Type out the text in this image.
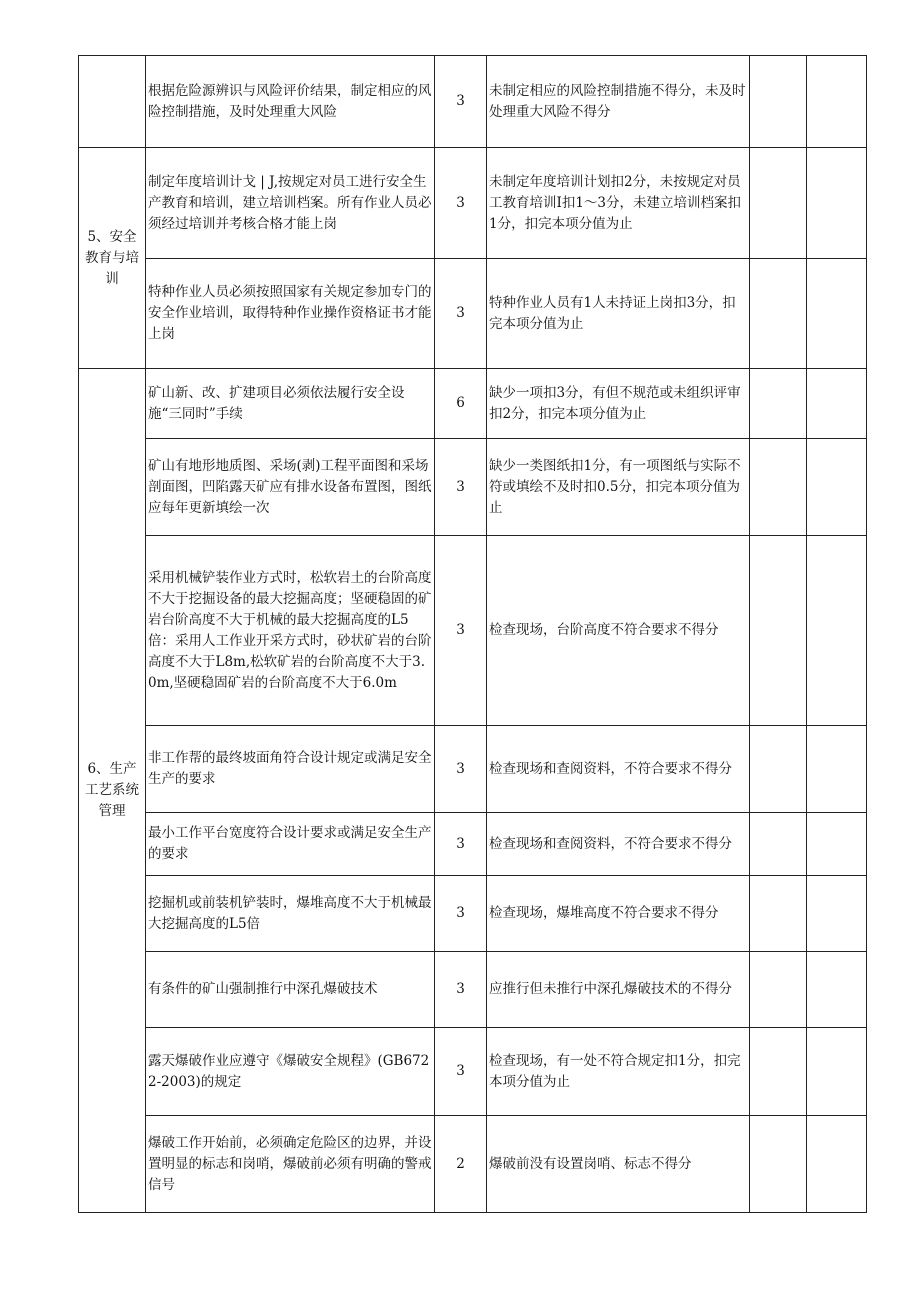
	根据危险源辨识与风险评价结果，制定相应的风险控制措施，及时处理重大风险	3	未制定相应的风险控制措施不得分，未及时处理重大风险不得分		
5、安全教育与培训	制定年度培训计戈 | J,按规定对员工进行安全生产教育和培训，建立培训档案。所有作业人员必须经过培训并考核合格才能上岗	3	未制定年度培训计划扣2分，未按规定对员工教育培训I扣1～3分，未建立培训档案扣1分，扣完本项分值为止		
	特种作业人员必须按照国家有关规定参加专门的安全作业培训，取得特种作业操作资格证书才能上岗	3	特种作业人员有1人未持证上岗扣3分，扣完本项分值为止		
6、生产工艺系统管理	矿山新、改、扩建项目必须依法履行安全设施“三同时”手续	6	缺少一项扣3分，有但不规范或未组织评审扣2分，扣完本项分值为止		
	矿山有地形地质图、采场(剥)工程平面图和采场剖面图，凹陷露天矿应有排水设备布置图，图纸应每年更新填绘一次	3	缺少一类图纸扣1分，有一项图纸与实际不符或填绘不及时扣0.5分，扣完本项分值为止		
	采用机械铲装作业方式时，松软岩土的台阶高度不大于挖掘设备的最大挖掘高度；坚硬稳固的矿岩台阶高度不大于机械的最大挖掘高度的L5倍：采用人工作业开采方式时，砂状矿岩的台阶高度不大于L8m,松软矿岩的台阶高度不大于3.0m,坚硬稳固矿岩的台阶高度不大于6.0m	3	检查现场，台阶高度不符合要求不得分		
	非工作帮的最终坡面角符合设计规定或满足安全生产的要求	3	检查现场和查阅资料，不符合要求不得分		
	最小工作平台宽度符合设计要求或满足安全生产的要求	3	检查现场和查阅资料，不符合要求不得分		
	挖掘机或前装机铲装时，爆堆高度不大于机械最大挖掘高度的L5倍	3	检查现场，爆堆高度不符合要求不得分		
	有条件的矿山强制推行中深孔爆破技术	3	应推行但未推行中深孔爆破技术的不得分		
	露天爆破作业应遵守《爆破安全规程》(GB6722-2003)的规定	3	检查现场，有一处不符合规定扣1分，扣完本项分值为止		
	爆破工作开始前，必须确定危险区的边界，并设置明显的标志和岗哨，爆破前必须有明确的警戒信号	2	爆破前没有设置岗哨、标志不得分		
